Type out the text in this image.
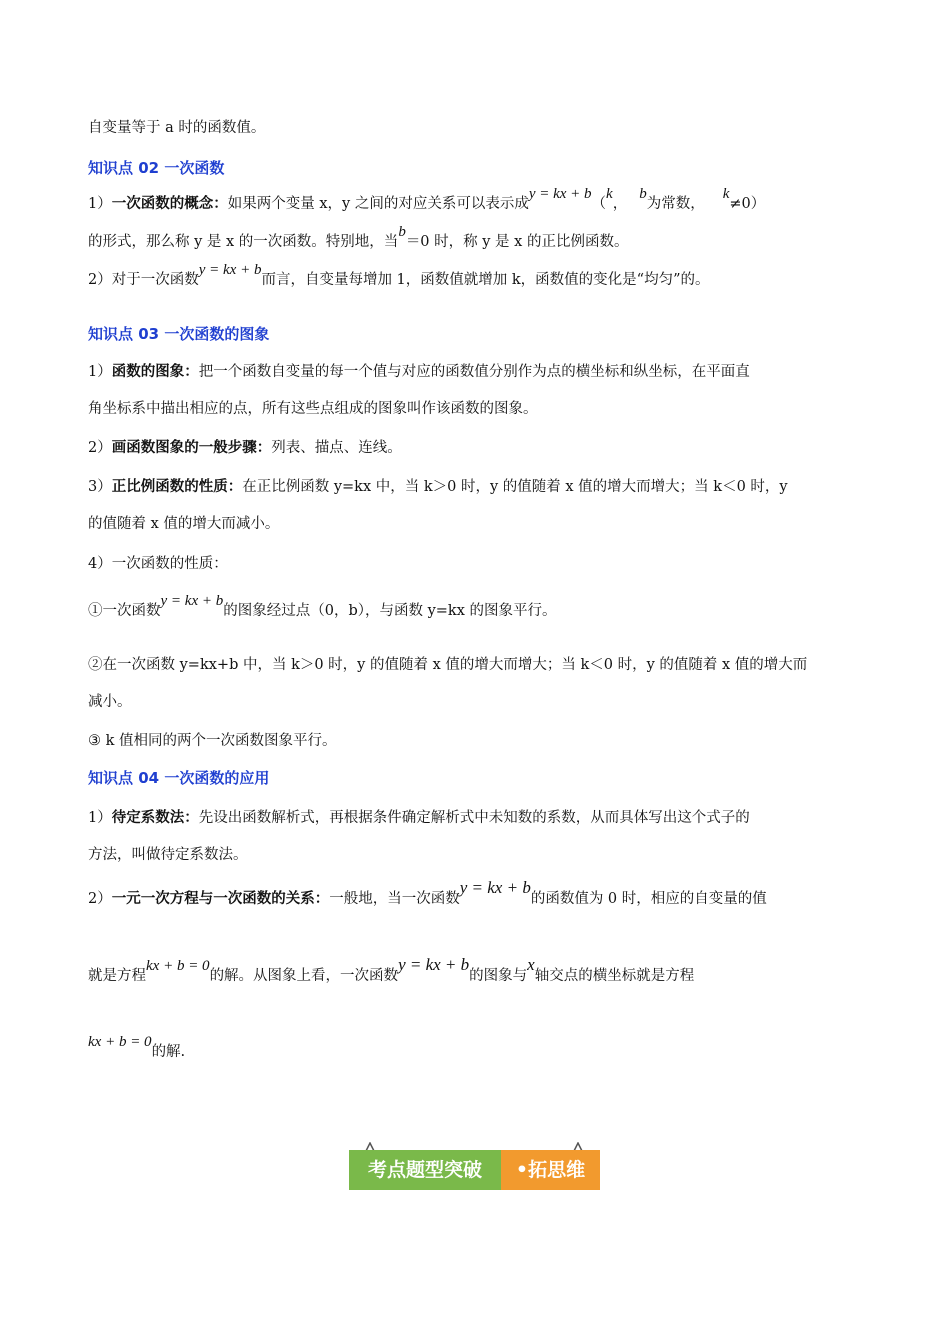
自变量等于 a 时的函数值。
知识点 02 一次函数
1）一次函数的概念：如果两个变量 x，y 之间的对应关系可以表示成y = kx + b（k，b为常数，k≠0）
的形式，那么称 y 是 x 的一次函数。特别地，当b＝0 时，称 y 是 x 的正比例函数。
2）对于一次函数y = kx + b而言，自变量每增加 1，函数值就增加 k，函数值的变化是“均匀”的。
知识点 03 一次函数的图象
1）函数的图象：把一个函数自变量的每一个值与对应的函数值分别作为点的横坐标和纵坐标，在平面直
角坐标系中描出相应的点，所有这些点组成的图象叫作该函数的图象。
2）画函数图象的一般步骤：列表、描点、连线。
3）正比例函数的性质：在正比例函数 y=kx 中，当 k＞0 时，y 的值随着 x 值的增大而增大；当 k＜0 时，y
的值随着 x 值的增大而减小。
4）一次函数的性质：
①一次函数y = kx + b的图象经过点（0，b），与函数 y=kx 的图象平行。
②在一次函数 y=kx+b 中，当 k＞0 时，y 的值随着 x 值的增大而增大；当 k＜0 时，y 的值随着 x 值的增大而
减小。
③ k 值相同的两个一次函数图象平行。
知识点 04 一次函数的应用
1）待定系数法：先设出函数解析式，再根据条件确定解析式中未知数的系数，从而具体写出这个式子的
方法，叫做待定系数法。
2）一元一次方程与一次函数的关系：一般地，当一次函数y = kx + b的函数值为 0 时，相应的自变量的值
就是方程kx + b = 0的解。从图象上看，一次函数y = kx + b的图象与x轴交点的横坐标就是方程
kx + b = 0的解.
考点题型突破	•拓思维
